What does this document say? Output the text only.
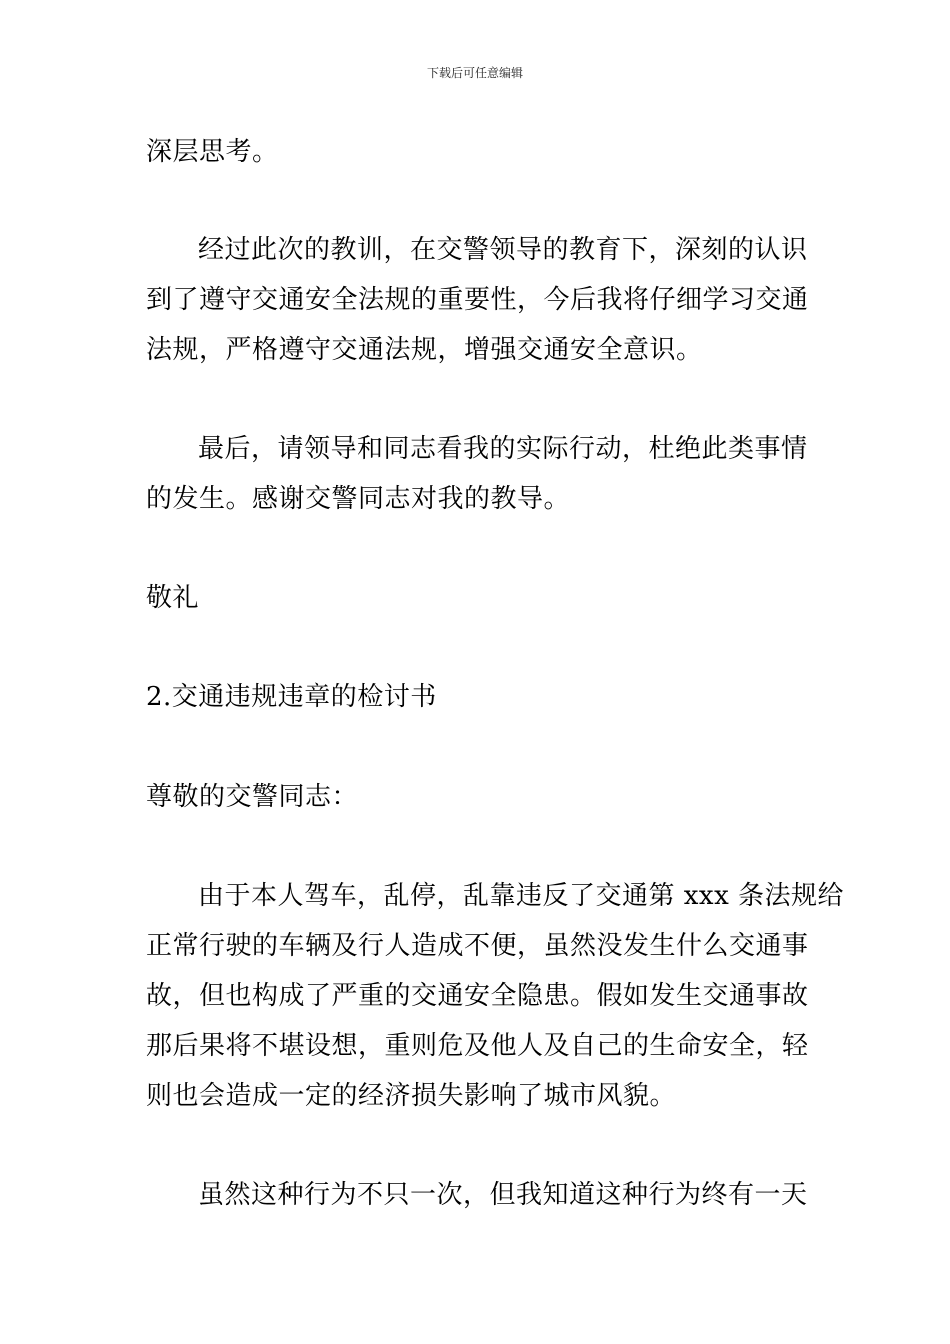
下载后可任意编辑
深层思考。
经过此次的教训，在交警领导的教育下，深刻的认识
到了遵守交通安全法规的重要性，今后我将仔细学习交通
法规，严格遵守交通法规，增强交通安全意识。
最后，请领导和同志看我的实际行动，杜绝此类事情
的发生。感谢交警同志对我的教导。
敬礼
2.交通违规违章的检讨书
尊敬的交警同志：
由于本人驾车，乱停，乱靠违反了交通第 xxx 条法规给
正常行驶的车辆及行人造成不便，虽然没发生什么交通事
故，但也构成了严重的交通安全隐患。假如发生交通事故
那后果将不堪设想，重则危及他人及自己的生命安全，轻
则也会造成一定的经济损失影响了城市风貌。
虽然这种行为不只一次，但我知道这种行为终有一天
